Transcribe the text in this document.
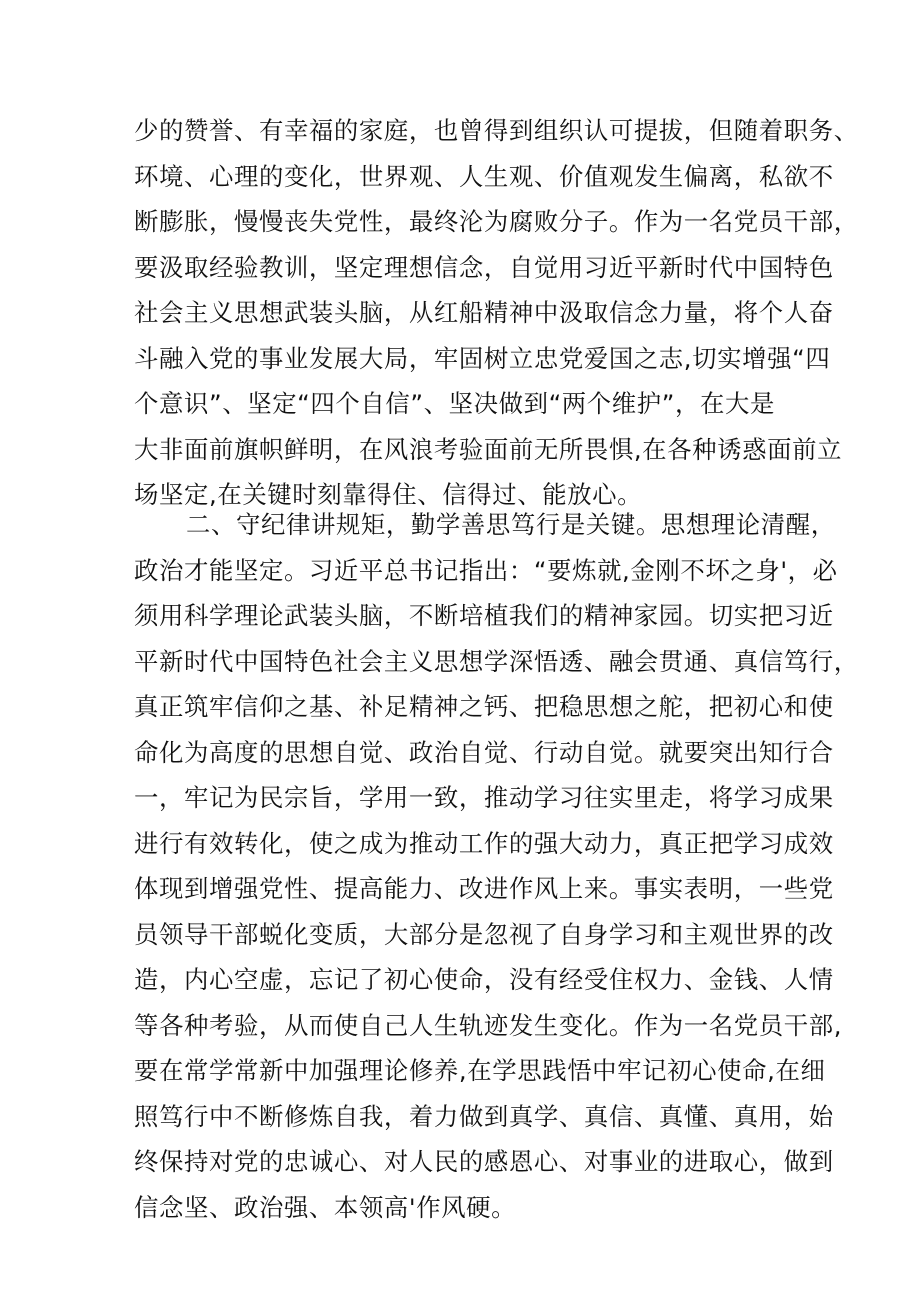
少的赞誉、有幸福的家庭，也曾得到组织认可提拔，但随着职务、
环境、心理的变化，世界观、人生观、价值观发生偏离，私欲不
断膨胀，慢慢丧失党性，最终沦为腐败分子。作为一名党员干部，
要汲取经验教训，坚定理想信念，自觉用习近平新时代中国特色
社会主义思想武装头脑，从红船精神中汲取信念力量，将个人奋
斗融入党的事业发展大局，牢固树立忠党爱国之志,切实增强“四
个意识”、坚定“四个自信”、坚决做到“两个维护”，在大是
大非面前旗帜鲜明，在风浪考验面前无所畏惧,在各种诱惑面前立
场坚定,在关键时刻靠得住、信得过、能放心。
二、守纪律讲规矩，勤学善思笃行是关键。思想理论清醒，
政治才能坚定。习近平总书记指出：“要炼就,金刚不坏之身'，必
须用科学理论武装头脑，不断培植我们的精神家园。切实把习近
平新时代中国特色社会主义思想学深悟透、融会贯通、真信笃行，
真正筑牢信仰之基、补足精神之钙、把稳思想之舵，把初心和使
命化为高度的思想自觉、政治自觉、行动自觉。就要突出知行合
一，牢记为民宗旨，学用一致，推动学习往实里走，将学习成果
进行有效转化，使之成为推动工作的强大动力，真正把学习成效
体现到增强党性、提高能力、改进作风上来。事实表明，一些党
员领导干部蜕化变质，大部分是忽视了自身学习和主观世界的改
造，内心空虚，忘记了初心使命，没有经受住权力、金钱、人情
等各种考验，从而使自己人生轨迹发生变化。作为一名党员干部,
要在常学常新中加强理论修养,在学思践悟中牢记初心使命,在细
照笃行中不断修炼自我，着力做到真学、真信、真懂、真用，始
终保持对党的忠诚心、对人民的感恩心、对事业的进取心，做到
信念坚、政治强、本领高'作风硬。
